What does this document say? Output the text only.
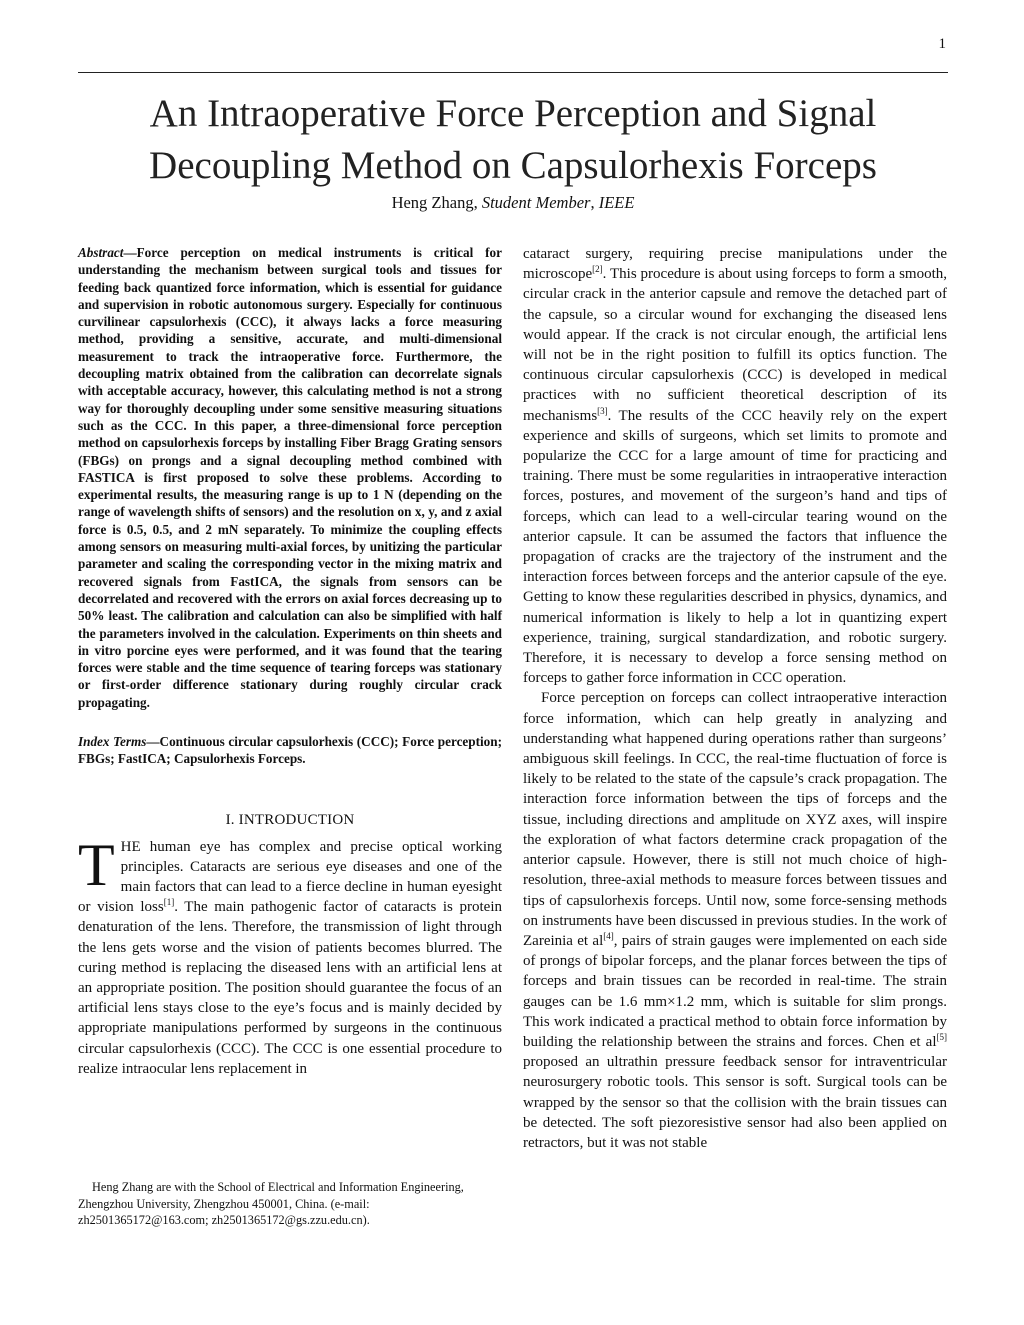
1
An Intraoperative Force Perception and Signal Decoupling Method on Capsulorhexis Forceps
Heng Zhang, Student Member, IEEE

Abstract—Force perception on medical instruments is critical for understanding the mechanism between surgical tools and tissues for feeding back quantized force information, which is essential for guidance and supervision in robotic autonomous surgery. Especially for continuous curvilinear capsulorhexis (CCC), it always lacks a force measuring method, providing a sensitive, accurate, and multi-dimensional measurement to track the intraoperative force. Furthermore, the decoupling matrix obtained from the calibration can decorrelate signals with acceptable accuracy, however, this calculating method is not a strong way for thoroughly decoupling under some sensitive measuring situations such as the CCC. In this paper, a three-dimensional force perception method on capsulorhexis forceps by installing Fiber Bragg Grating sensors (FBGs) on prongs and a signal decoupling method combined with FASTICA is first proposed to solve these problems. According to experimental results, the measuring range is up to 1 N (depending on the range of wavelength shifts of sensors) and the resolution on x, y, and z axial force is 0.5, 0.5, and 2 mN separately. To minimize the coupling effects among sensors on measuring multi-axial forces, by unitizing the particular parameter and scaling the corresponding vector in the mixing matrix and recovered signals from FastICA, the signals from sensors can be decorrelated and recovered with the errors on axial forces decreasing up to 50% least. The calibration and calculation can also be simplified with half the parameters involved in the calculation. Experiments on thin sheets and in vitro porcine eyes were performed, and it was found that the tearing forces were stable and the time sequence of tearing forceps was stationary or first-order difference stationary during roughly circular crack propagating.

Index Terms—Continuous circular capsulorhexis (CCC); Force perception; FBGs; FastICA; Capsulorhexis Forceps.

I. INTRODUCTION

THE human eye has complex and precise optical working principles. Cataracts are serious eye diseases and one of the main factors that can lead to a fierce decline in human eyesight or vision loss[1]. The main pathogenic factor of cataracts is protein denaturation of the lens. Therefore, the transmission of light through the lens gets worse and the vision of patients becomes blurred. The curing method is replacing the diseased lens with an artificial lens at an appropriate position. The position should guarantee the focus of an artificial lens stays close to the eye’s focus and is mainly decided by appropriate manipulations performed by surgeons in the continuous circular capsulorhexis (CCC). The CCC is one essential procedure to realize intraocular lens replacement in

Heng Zhang are with the School of Electrical and Information Engineering, Zhengzhou University, Zhengzhou 450001, China. (e-mail: zh2501365172@163.com; zh2501365172@gs.zzu.edu.cn).

cataract surgery, requiring precise manipulations under the microscope[2]. This procedure is about using forceps to form a smooth, circular crack in the anterior capsule and remove the detached part of the capsule, so a circular wound for exchanging the diseased lens would appear. If the crack is not circular enough, the artificial lens will not be in the right position to fulfill its optics function. The continuous circular capsulorhexis (CCC) is developed in medical practices with no sufficient theoretical description of its mechanisms[3]. The results of the CCC heavily rely on the expert experience and skills of surgeons, which set limits to promote and popularize the CCC for a large amount of time for practicing and training. There must be some regularities in intraoperative interaction forces, postures, and movement of the surgeon’s hand and tips of forceps, which can lead to a well-circular tearing wound on the anterior capsule. It can be assumed the factors that influence the propagation of cracks are the trajectory of the instrument and the interaction forces between forceps and the anterior capsule of the eye. Getting to know these regularities described in physics, dynamics, and numerical information is likely to help a lot in quantizing expert experience, training, surgical standardization, and robotic surgery. Therefore, it is necessary to develop a force sensing method on forceps to gather force information in CCC operation.

Force perception on forceps can collect intraoperative interaction force information, which can help greatly in analyzing and understanding what happened during operations rather than surgeons’ ambiguous skill feelings. In CCC, the real-time fluctuation of force is likely to be related to the state of the capsule’s crack propagation. The interaction force information between the tips of forceps and the tissue, including directions and amplitude on XYZ axes, will inspire the exploration of what factors determine crack propagation of the anterior capsule. However, there is still not much choice of high-resolution, three-axial methods to measure forces between tissues and tips of capsulorhexis forceps. Until now, some force-sensing methods on instruments have been discussed in previous studies. In the work of Zareinia et al[4], pairs of strain gauges were implemented on each side of prongs of bipolar forceps, and the planar forces between the tips of forceps and brain tissues can be recorded in real-time. The strain gauges can be 1.6 mm×1.2 mm, which is suitable for slim prongs. This work indicated a practical method to obtain force information by building the relationship between the strains and forces. Chen et al[5] proposed an ultrathin pressure feedback sensor for intraventricular neurosurgery robotic tools. This sensor is soft. Surgical tools can be wrapped by the sensor so that the collision with the brain tissues can be detected. The soft piezoresistive sensor had also been applied on retractors, but it was not stable
